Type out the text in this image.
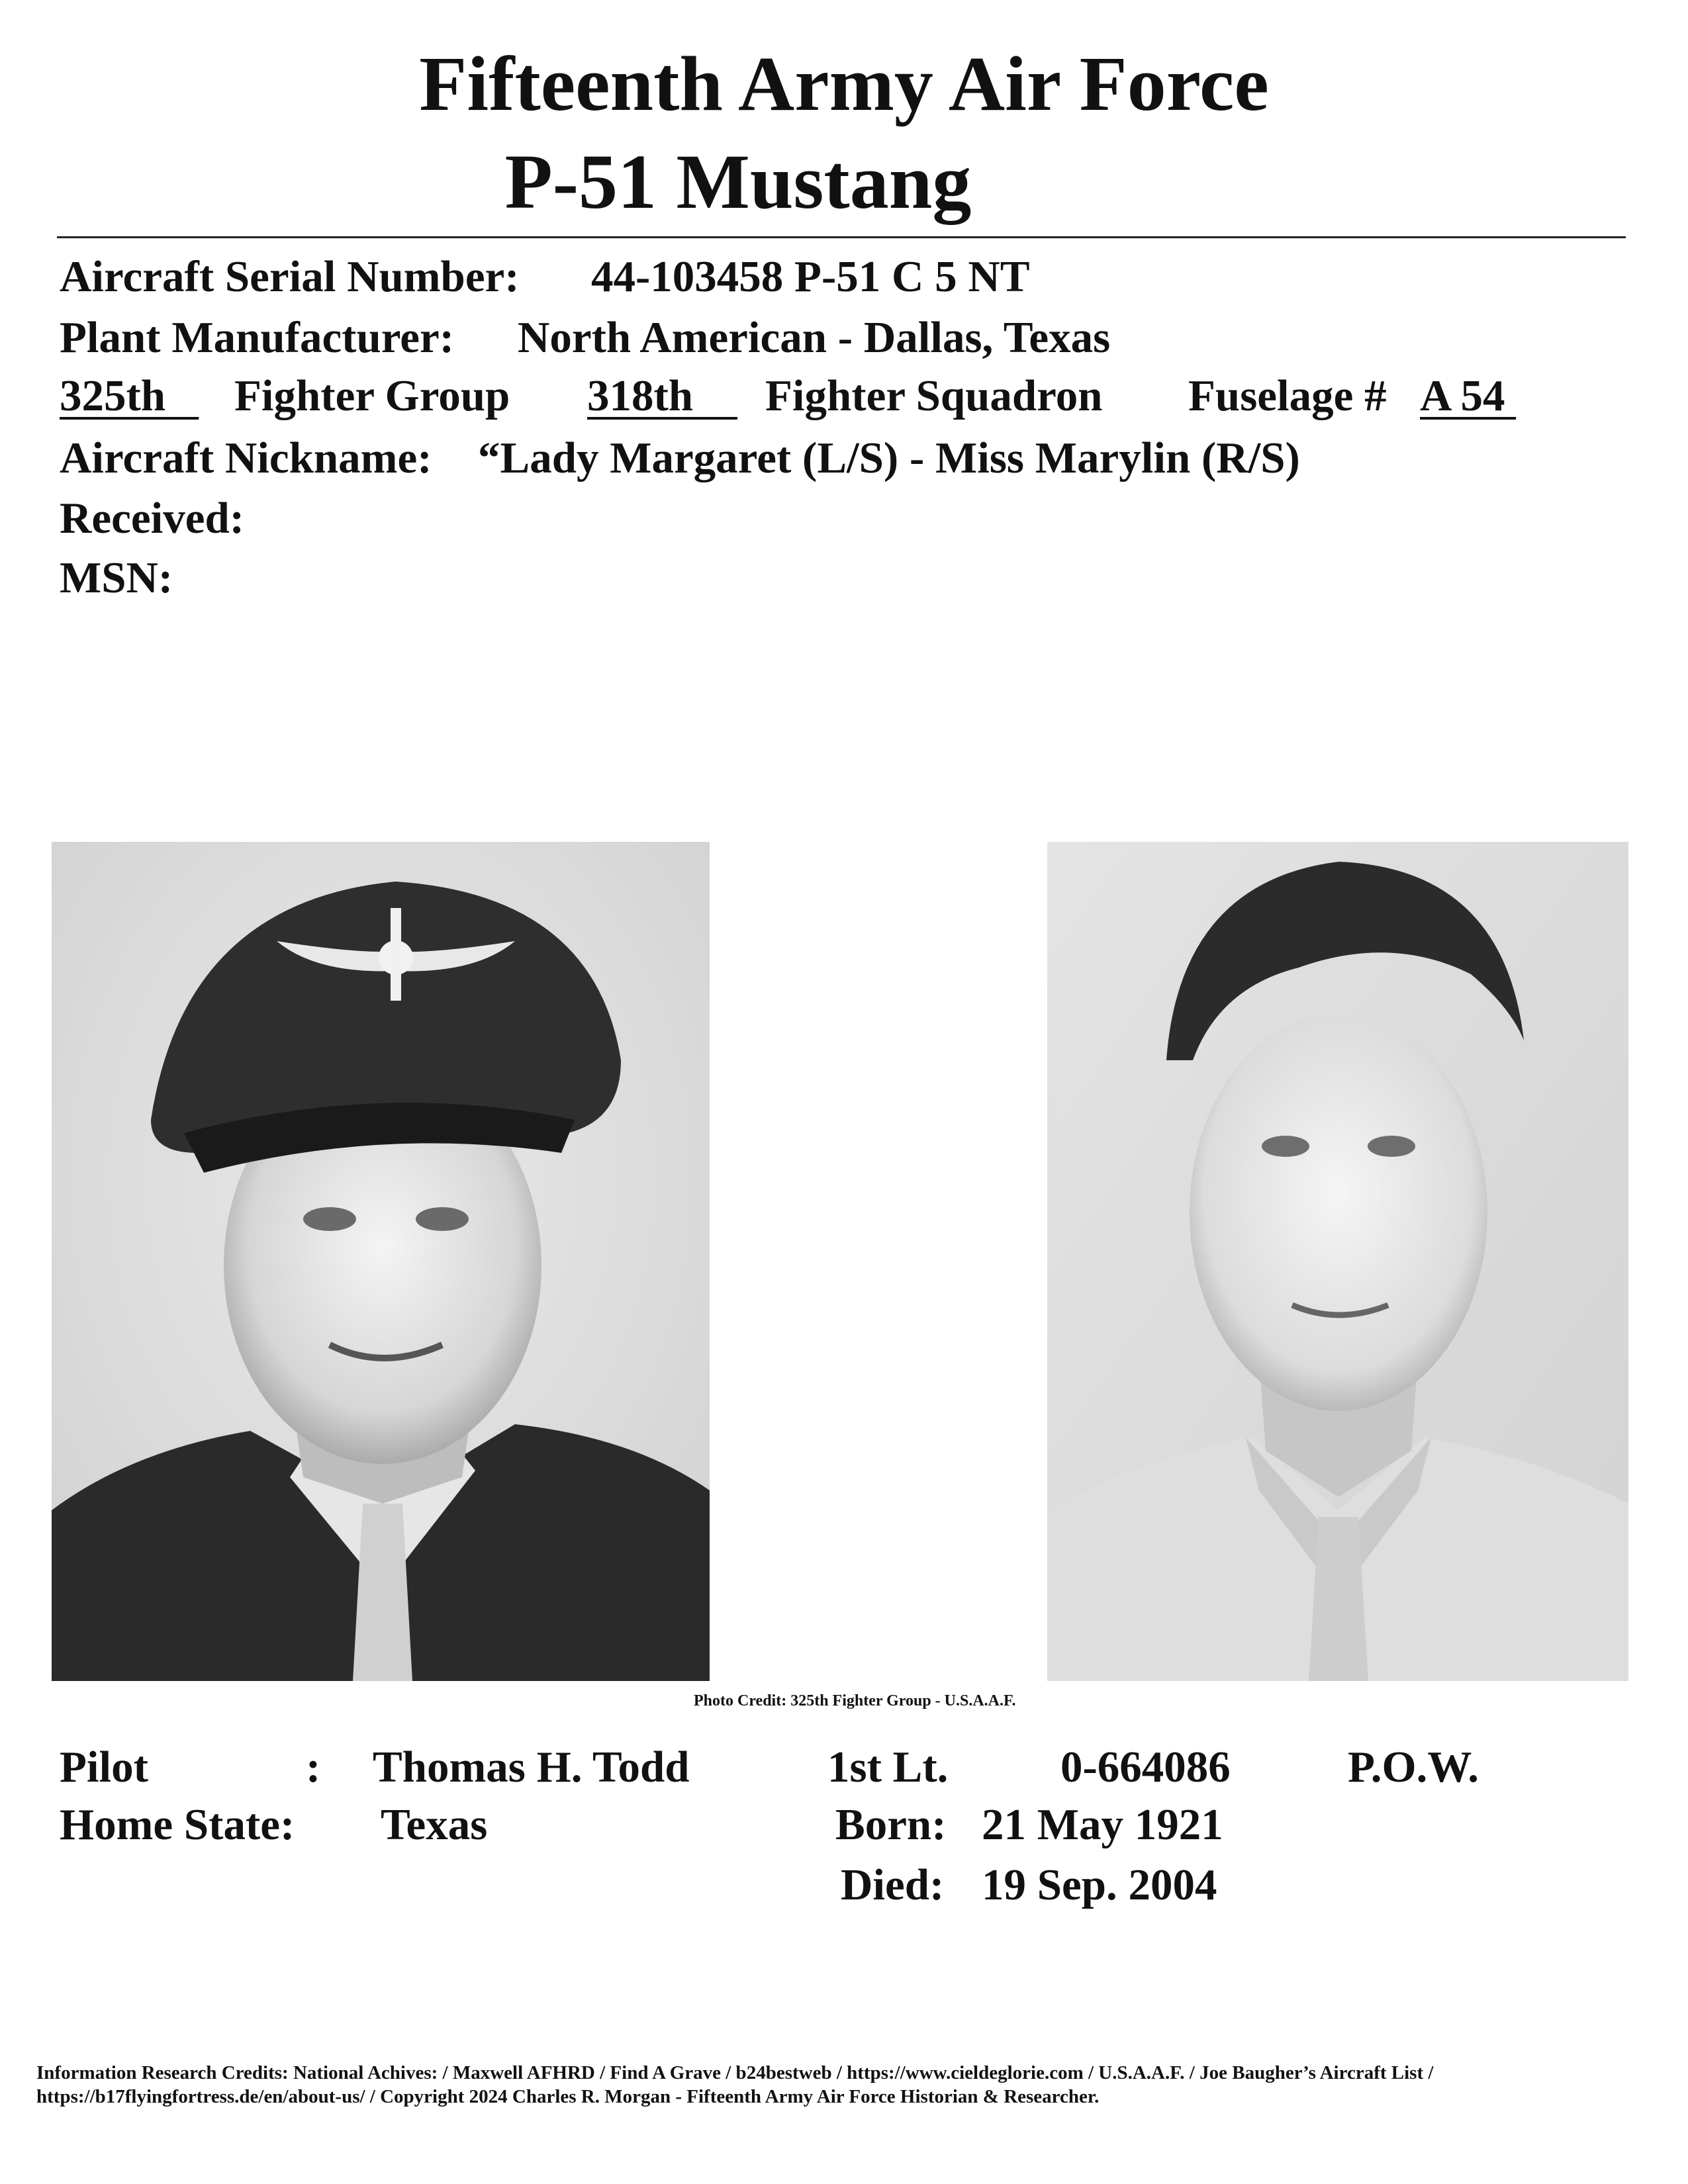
Fifteenth Army Air Force
P-51 Mustang
Aircraft Serial Number: 44-103458 P-51 C 5 NT
Plant Manufacturer: North American - Dallas, Texas
325th Fighter Group 318th Fighter Squadron Fuselage # A 54
Aircraft Nickname: “Lady Margaret (L/S) - Miss Marylin (R/S)
Received:
MSN:
Photo Credit: 325th Fighter Group - U.S.A.A.F.
Pilot	: Thomas H. Todd	1st Lt.	0-664086	P.O.W.
Home State: Texas	Born: 21 May 1921
Died: 19 Sep. 2004
Information Research Credits: National Achives: / Maxwell AFHRD / Find A Grave / b24bestweb / https://www.cieldeglorie.com / U.S.A.A.F. / Joe Baugher’s Aircraft List /
https://b17flyingfortress.de/en/about-us/ / Copyright 2024 Charles R. Morgan - Fifteenth Army Air Force Historian & Researcher.
